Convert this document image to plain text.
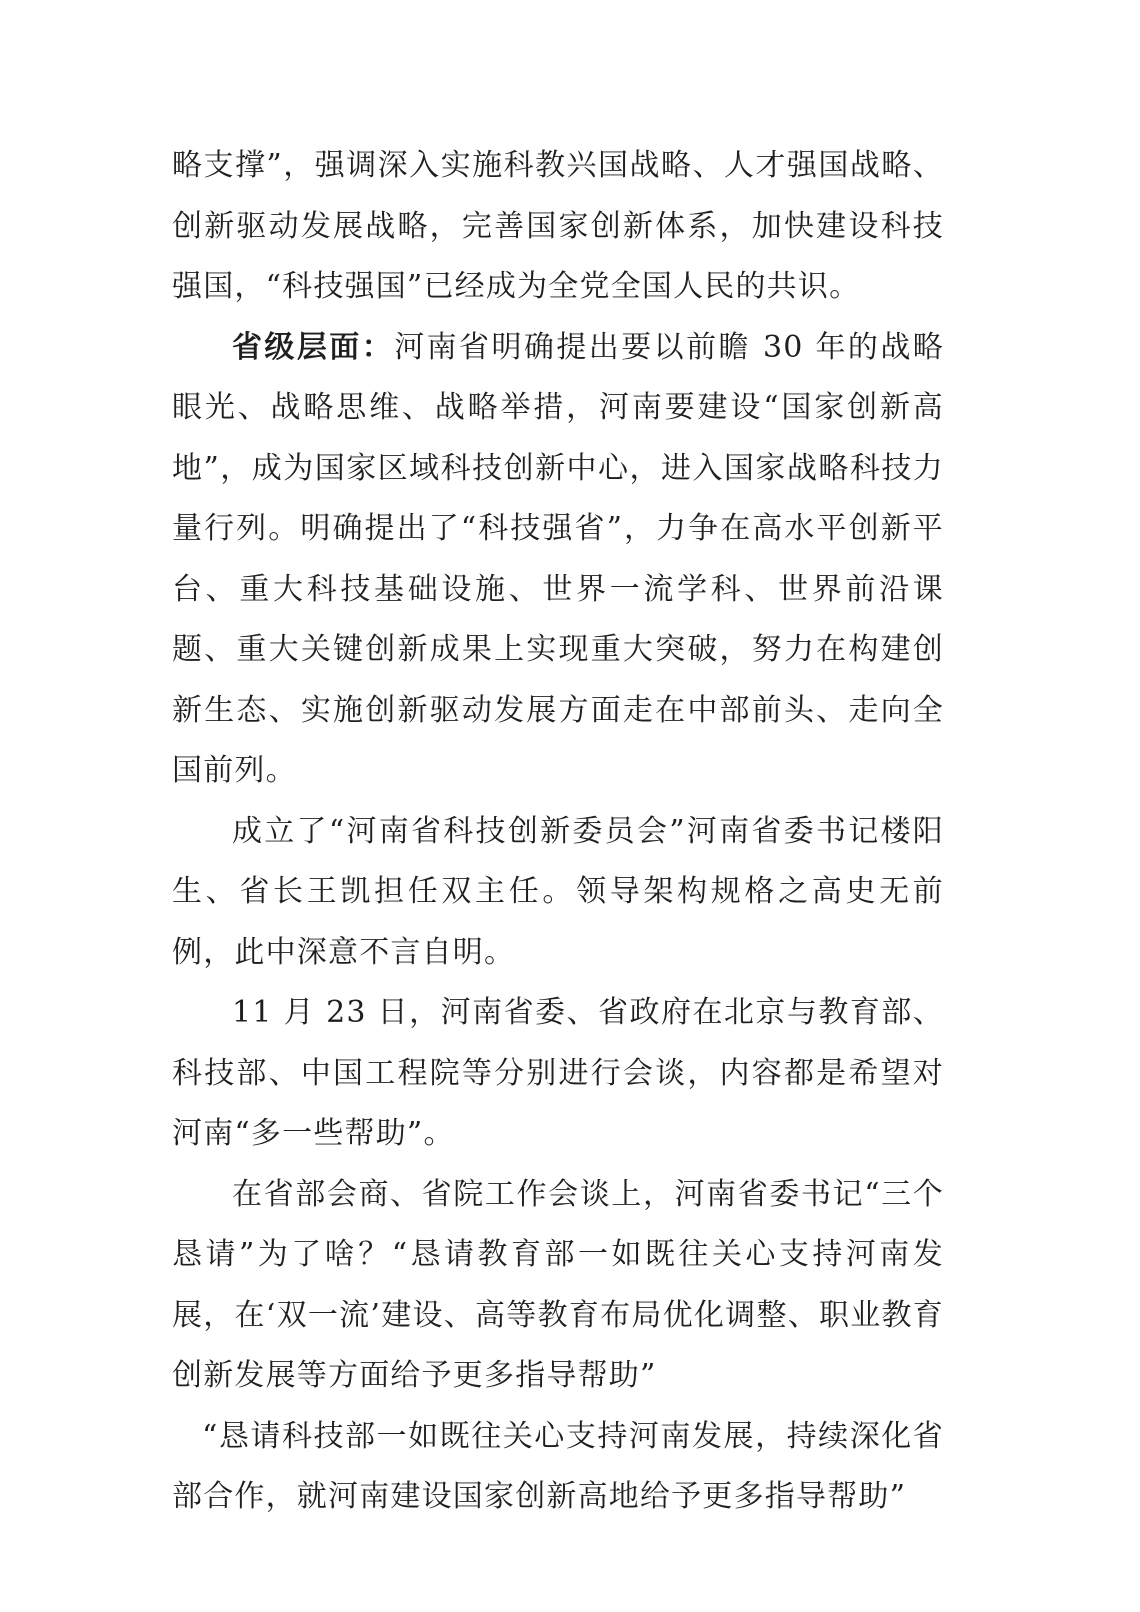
略支撑”，强调深入实施科教兴国战略、人才强国战略、创新驱动发展战略，完善国家创新体系，加快建设科技强国，“科技强国”已经成为全党全国人民的共识。

省级层面：河南省明确提出要以前瞻 30 年的战略眼光、战略思维、战略举措，河南要建设“国家创新高地”，成为国家区域科技创新中心，进入国家战略科技力量行列。明确提出了“科技强省”，力争在高水平创新平台、重大科技基础设施、世界一流学科、世界前沿课题、重大关键创新成果上实现重大突破，努力在构建创新生态、实施创新驱动发展方面走在中部前头、走向全国前列。

成立了“河南省科技创新委员会”河南省委书记楼阳生、省长王凯担任双主任。领导架构规格之高史无前例，此中深意不言自明。

11 月 23 日，河南省委、省政府在北京与教育部、科技部、中国工程院等分别进行会谈，内容都是希望对河南“多一些帮助”。

在省部会商、省院工作会谈上，河南省委书记“三个恳请”为了啥？“恳请教育部一如既往关心支持河南发展，在‘双一流’建设、高等教育布局优化调整、职业教育创新发展等方面给予更多指导帮助”

“恳请科技部一如既往关心支持河南发展，持续深化省部合作，就河南建设国家创新高地给予更多指导帮助”
